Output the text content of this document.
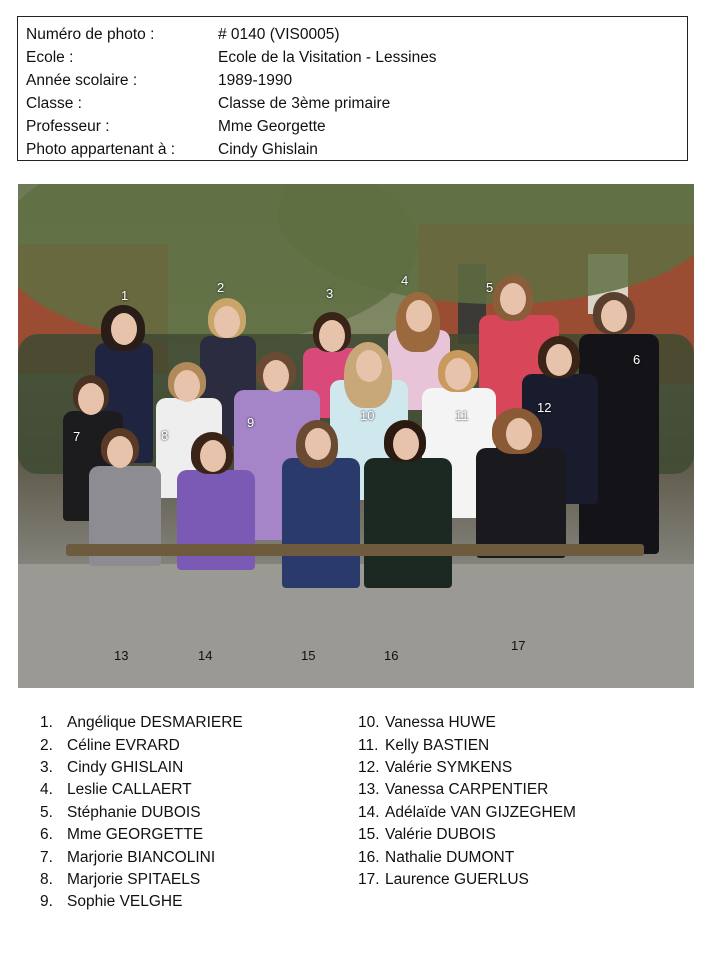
Numéro de photo :	# 0140 (VIS0005)
Ecole :	Ecole de la Visitation - Lessines
Année scolaire :	1989-1990
Classe :	Classe de 3ème primaire
Professeur :	Mme Georgette
Photo appartenant à :	Cindy Ghislain
1
2	3
4	5
6
7	8
9	10	11
12
13	14	15	16
17
1. Angélique DESMARIERE
2. Céline EVRARD
3. Cindy GHISLAIN
4. Leslie CALLAERT
5. Stéphanie DUBOIS
6. Mme GEORGETTE
7. Marjorie BIANCOLINI
8. Marjorie SPITAELS
9. Sophie VELGHE
10. Vanessa HUWE
11. Kelly BASTIEN
12. Valérie SYMKENS
13. Vanessa CARPENTIER
14. Adélaïde VAN GIJZEGHEM
15. Valérie DUBOIS
16. Nathalie DUMONT
17. Laurence GUERLUS
